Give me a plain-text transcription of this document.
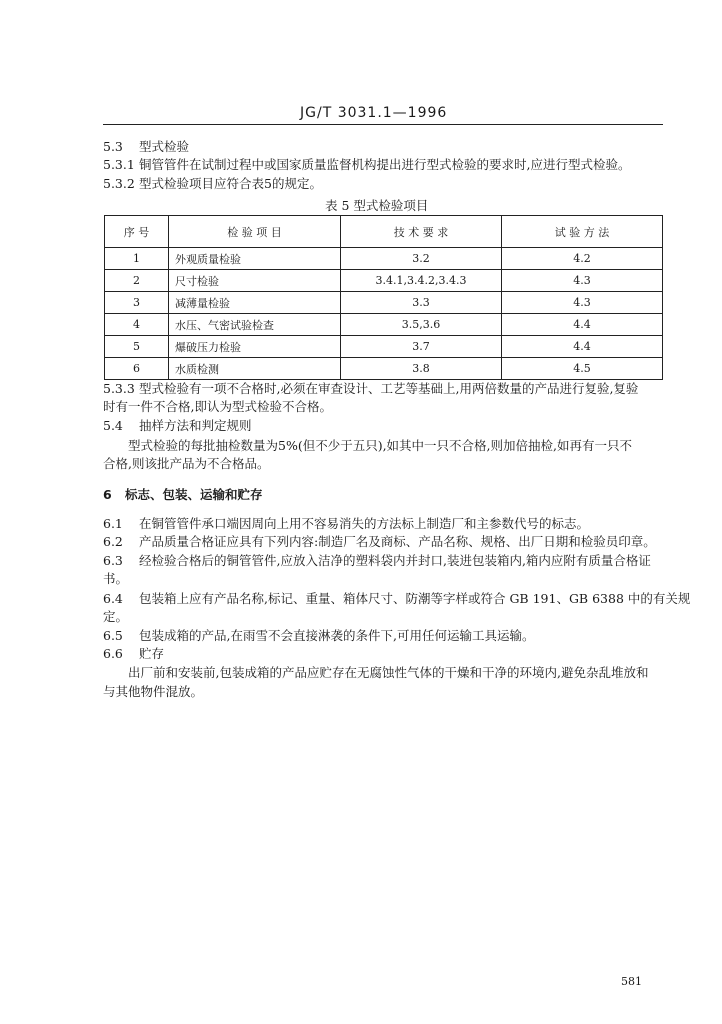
JG/T 3031.1—1996
5.3 型式检验
5.3.1 铜管管件在试制过程中或国家质量监督机构提出进行型式检验的要求时,应进行型式检验。
5.3.2 型式检验项目应符合表5的规定。
表 5 型式检验项目
序 号	检 验 项 目	技 术 要 求	试 验 方 法
1	外观质量检验	3.2	4.2
2	尺寸检验	3.4.1,3.4.2,3.4.3	4.3
3	减薄量检验	3.3	4.3
4	水压、气密试验检查	3.5,3.6	4.4
5	爆破压力检验	3.7	4.4
6	水质检测	3.8	4.5
5.3.3 型式检验有一项不合格时,必须在审查设计、工艺等基础上,用两倍数量的产品进行复验,复验
时有一件不合格,即认为型式检验不合格。
5.4 抽样方法和判定规则
型式检验的每批抽检数量为5%(但不少于五只),如其中一只不合格,则加倍抽检,如再有一只不
合格,则该批产品为不合格品。
6 标志、包装、运输和贮存
6.1 在铜管管件承口端因周向上用不容易消失的方法标上制造厂和主参数代号的标志。
6.2 产品质量合格证应具有下列内容:制造厂名及商标、产品名称、规格、出厂日期和检验员印章。
6.3 经检验合格后的铜管管件,应放入洁净的塑料袋内并封口,装进包装箱内,箱内应附有质量合格证
书。
6.4 包装箱上应有产品名称,标记、重量、箱体尺寸、防潮等字样或符合 GB 191、GB 6388 中的有关规
定。
6.5 包装成箱的产品,在雨雪不会直接淋袭的条件下,可用任何运输工具运输。
6.6 贮存
出厂前和安装前,包装成箱的产品应贮存在无腐蚀性气体的干燥和干净的环境内,避免杂乱堆放和
与其他物件混放。
581
